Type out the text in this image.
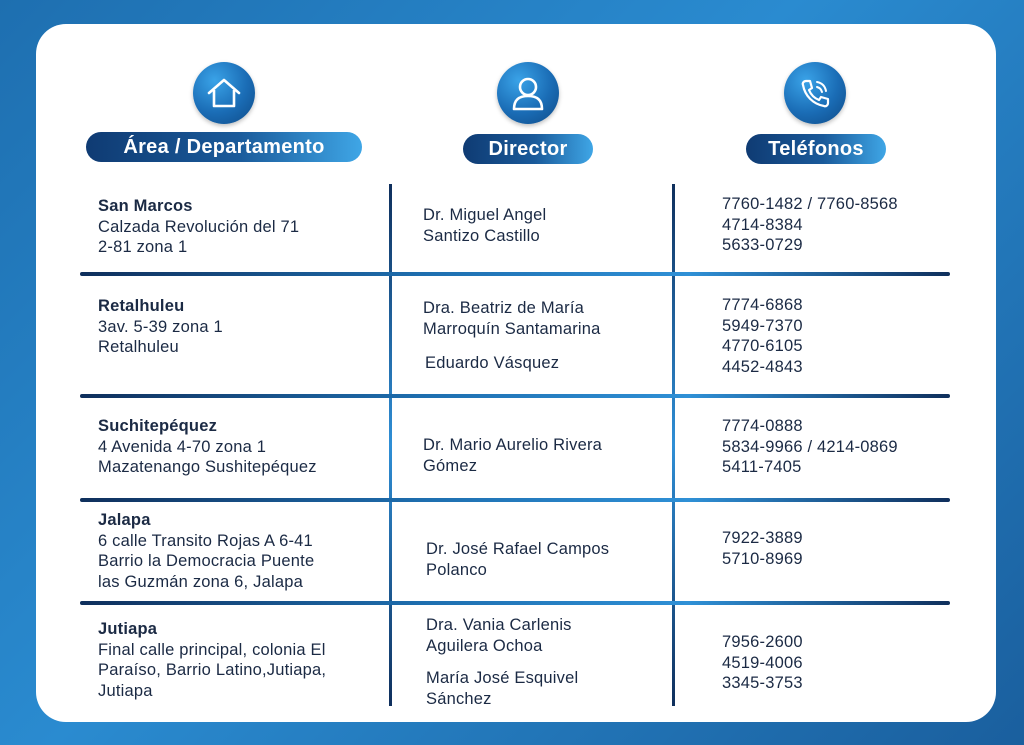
Área / Departamento	Director	Teléfonos
San Marcos
Calzada Revolución del 71
2-81 zona 1
Dr. Miguel Angel
Santizo Castillo
7760-1482 / 7760-8568
4714-8384
5633-0729
Retalhuleu
3av. 5-39 zona 1
Retalhuleu
Dra. Beatriz de María
Marroquín Santamarina
Eduardo Vásquez
7774-6868
5949-7370
4770-6105
4452-4843
Suchitepéquez
4 Avenida 4-70 zona 1
Mazatenango Sushitepéquez
Dr. Mario Aurelio Rivera
Gómez
7774-0888
5834-9966 / 4214-0869
5411-7405
Jalapa
6 calle Transito Rojas A 6-41
Barrio la Democracia Puente
las Guzmán zona 6, Jalapa
Dr. José Rafael Campos
Polanco
7922-3889
5710-8969
Jutiapa
Final calle principal, colonia El
Paraíso, Barrio Latino,Jutiapa,
Jutiapa
Dra. Vania Carlenis
Aguilera Ochoa
María José Esquivel
Sánchez
7956-2600
4519-4006
3345-3753
